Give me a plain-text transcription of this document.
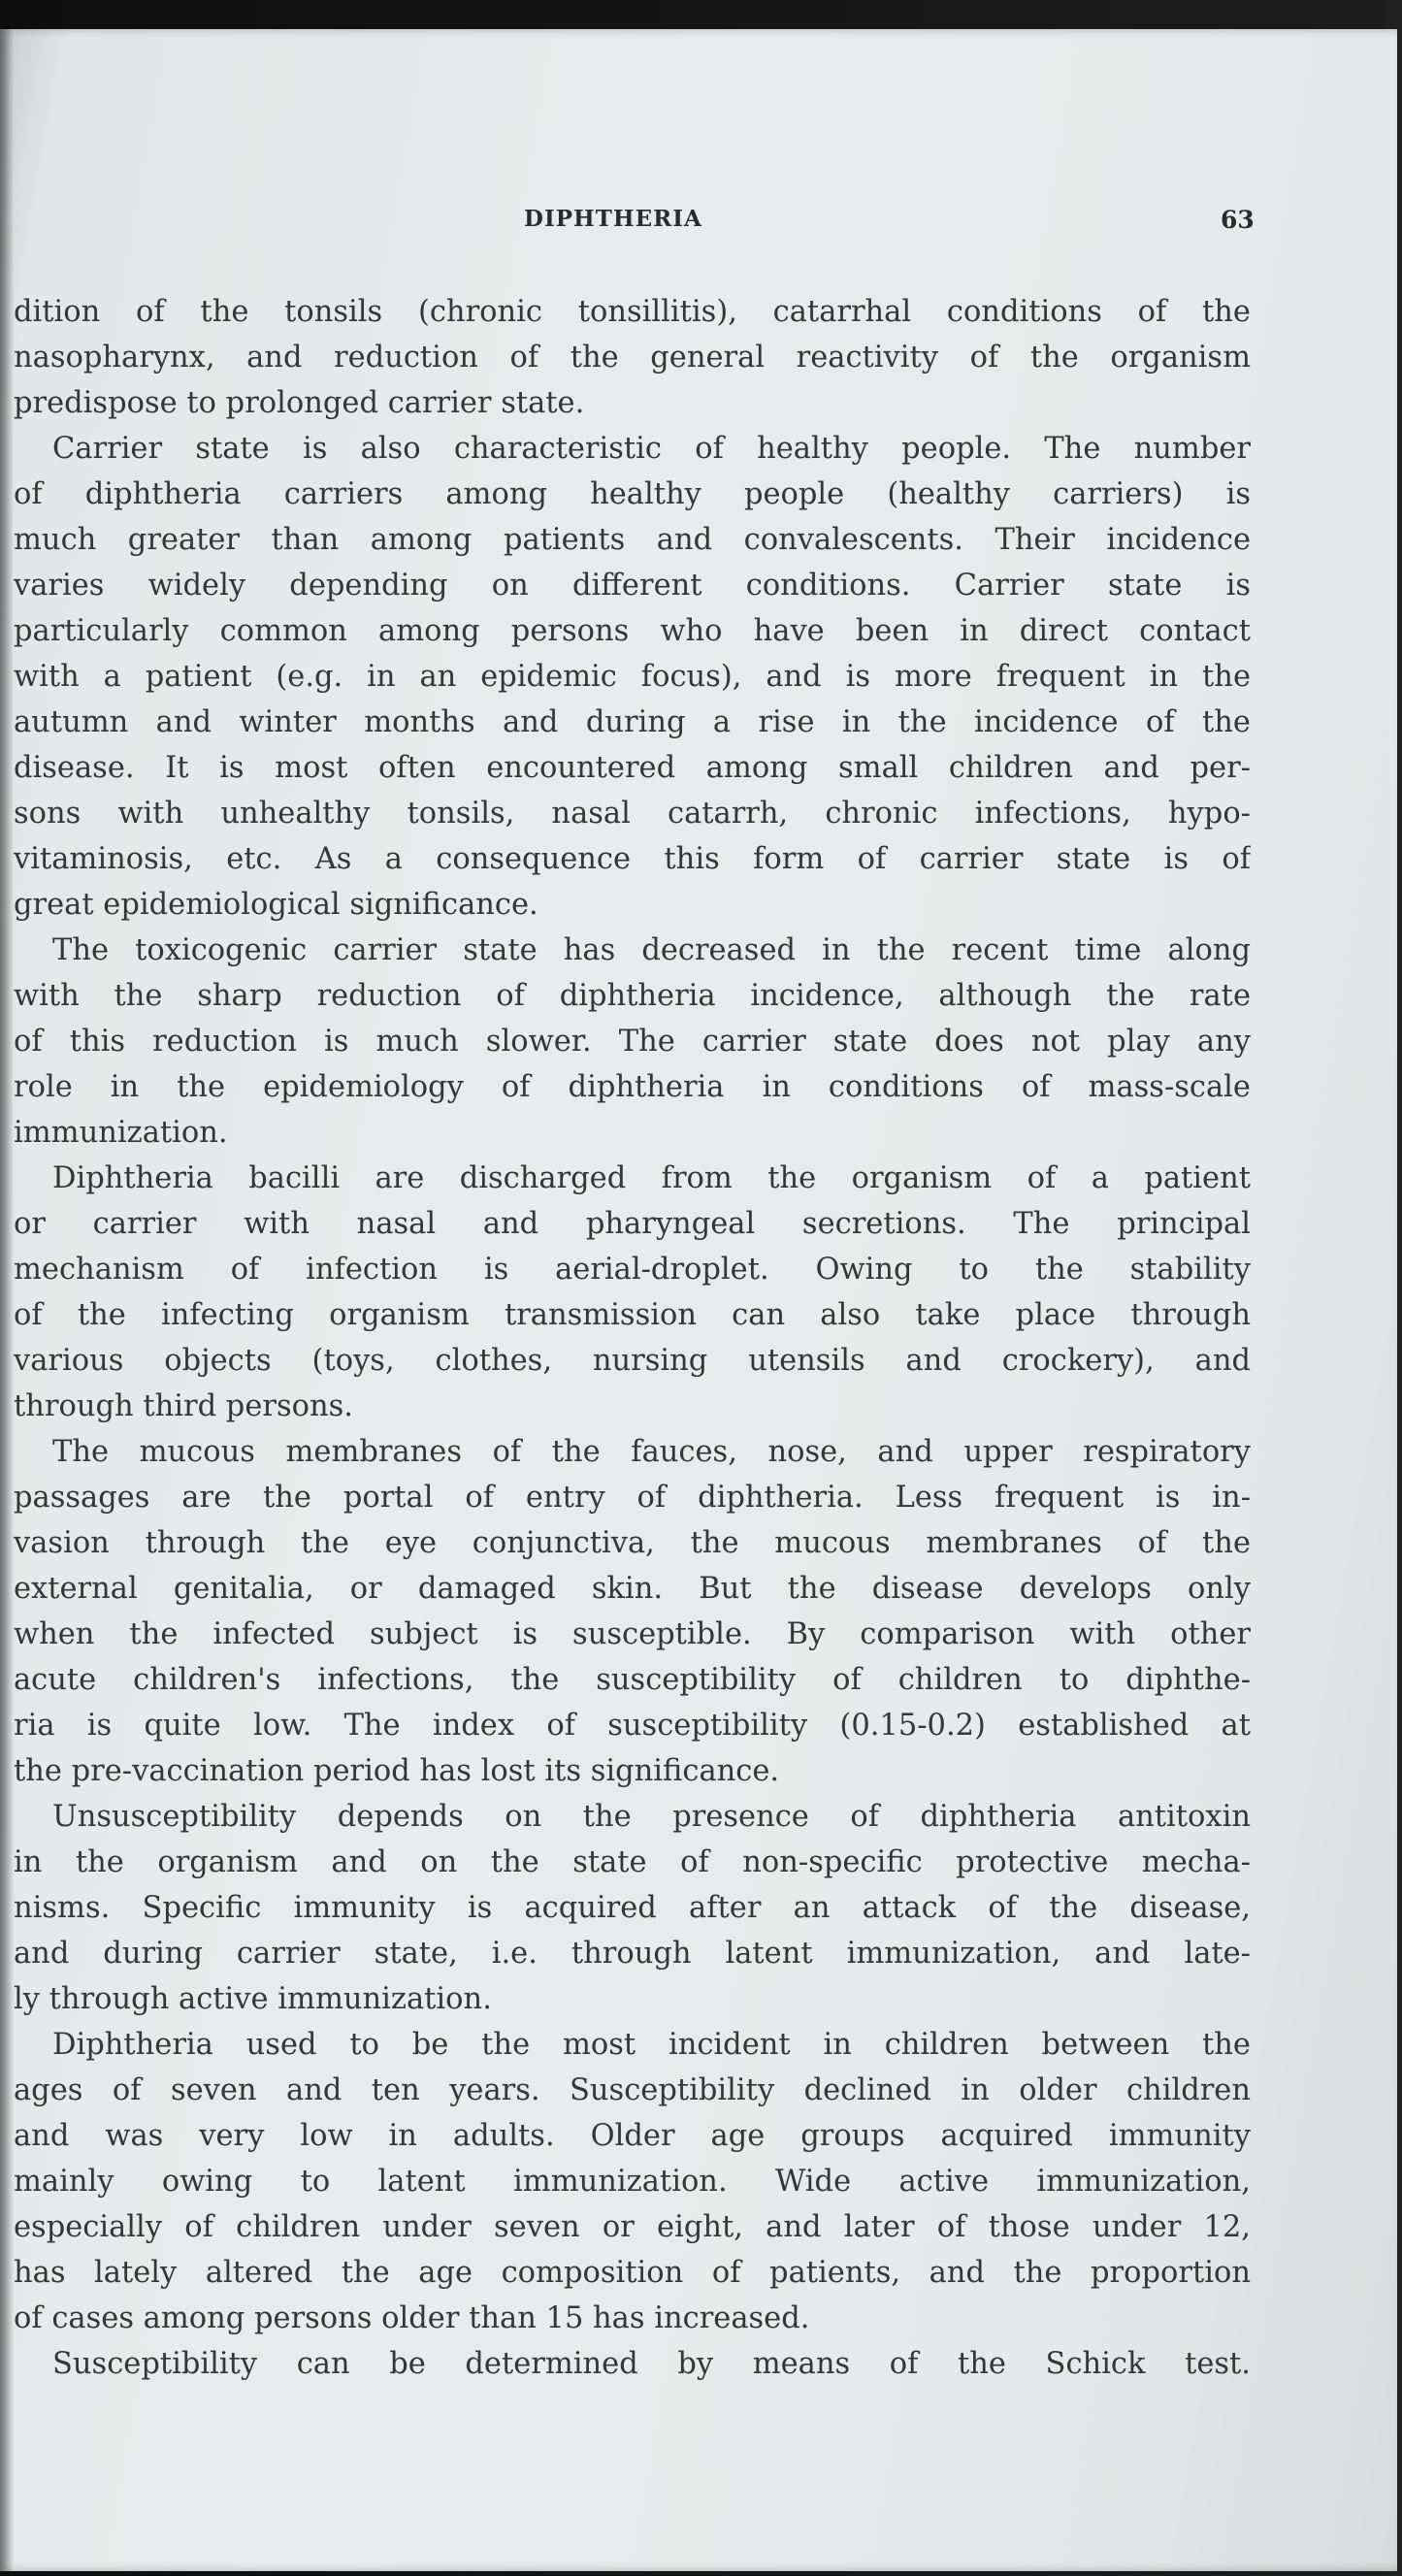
DIPHTHERIA	63
dition of the tonsils (chronic tonsillitis), catarrhal conditions of the
nasopharynx, and reduction of the general reactivity of the organism
predispose to prolonged carrier state.
Carrier state is also characteristic of healthy people. The number
of diphtheria carriers among healthy people (healthy carriers) is
much greater than among patients and convalescents. Their incidence
varies widely depending on different conditions. Carrier state is
particularly common among persons who have been in direct contact
with a patient (e.g. in an epidemic focus), and is more frequent in the
autumn and winter months and during a rise in the incidence of the
disease. It is most often encountered among small children and per-
sons with unhealthy tonsils, nasal catarrh, chronic infections, hypo-
vitaminosis, etc. As a consequence this form of carrier state is of
great epidemiological significance.
The toxicogenic carrier state has decreased in the recent time along
with the sharp reduction of diphtheria incidence, although the rate
of this reduction is much slower. The carrier state does not play any
role in the epidemiology of diphtheria in conditions of mass-scale
immunization.
Diphtheria bacilli are discharged from the organism of a patient
or carrier with nasal and pharyngeal secretions. The principal
mechanism of infection is aerial-droplet. Owing to the stability
of the infecting organism transmission can also take place through
various objects (toys, clothes, nursing utensils and crockery), and
through third persons.
The mucous membranes of the fauces, nose, and upper respiratory
passages are the portal of entry of diphtheria. Less frequent is in-
vasion through the eye conjunctiva, the mucous membranes of the
external genitalia, or damaged skin. But the disease develops only
when the infected subject is susceptible. By comparison with other
acute children's infections, the susceptibility of children to diphthe-
ria is quite low. The index of susceptibility (0.15-0.2) established at
the pre-vaccination period has lost its significance.
Unsusceptibility depends on the presence of diphtheria antitoxin
in the organism and on the state of non-specific protective mecha-
nisms. Specific immunity is acquired after an attack of the disease,
and during carrier state, i.e. through latent immunization, and late-
ly through active immunization.
Diphtheria used to be the most incident in children between the
ages of seven and ten years. Susceptibility declined in older children
and was very low in adults. Older age groups acquired immunity
mainly owing to latent immunization. Wide active immunization,
especially of children under seven or eight, and later of those under 12,
has lately altered the age composition of patients, and the proportion
of cases among persons older than 15 has increased.
Susceptibility can be determined by means of the Schick test.
